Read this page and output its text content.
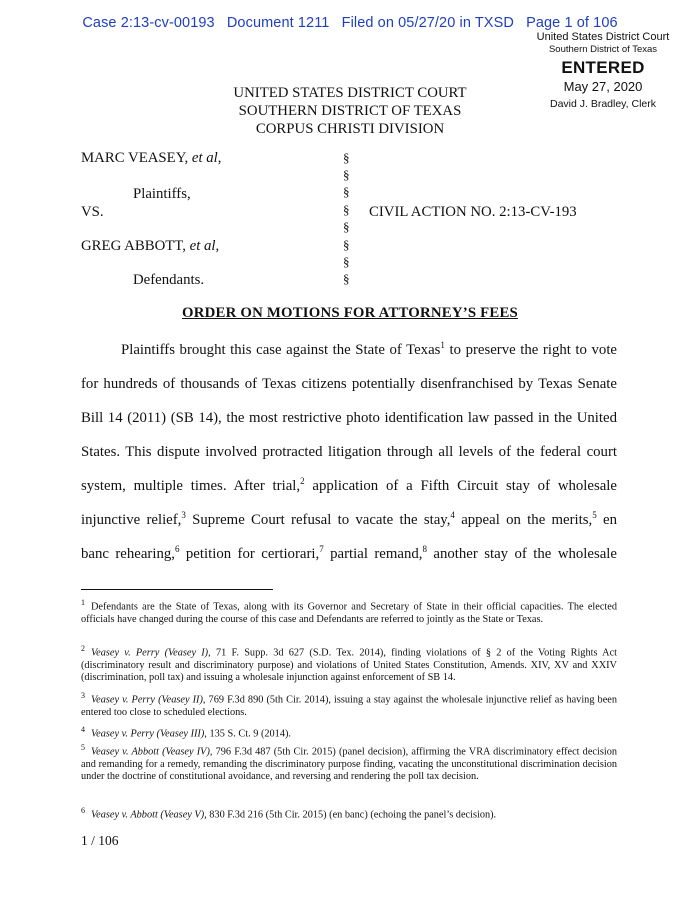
Case 2:13-cv-00193 Document 1211 Filed on 05/27/20 in TXSD Page 1 of 106
United States District Court
Southern District of Texas
ENTERED
May 27, 2020
David J. Bradley, Clerk
UNITED STATES DISTRICT COURT
SOUTHERN DISTRICT OF TEXAS
CORPUS CHRISTI DIVISION
MARC VEASEY, et al,
Plaintiffs,
VS.	CIVIL ACTION NO. 2:13-CV-193
GREG ABBOTT, et al,
Defendants.
§
§
§
§
§
§
§
§
ORDER ON MOTIONS FOR ATTORNEY’S FEES
Plaintiffs brought this case against the State of Texas$^1$ to preserve the right to vote
for hundreds of thousands of Texas citizens potentially disenfranchised by Texas Senate
Bill 14 (2011) (SB 14), the most restrictive photo identification law passed in the United
States. This dispute involved protracted litigation through all levels of the federal court
system, multiple times. After trial,$^2$ application of a Fifth Circuit stay of wholesale
injunctive relief,$^3$ Supreme Court refusal to vacate the stay,$^4$ appeal on the merits,$^5$ en
banc rehearing,$^6$ petition for certiorari,$^7$ partial remand,$^8$ another stay of the wholesale
$^1$ Defendants are the State of Texas, along with its Governor and Secretary of State in their official capacities. The elected officials have changed during the course of this case and Defendants are referred to jointly as the State or Texas.
$^2$ Veasey v. Perry (Veasey I), 71 F. Supp. 3d 627 (S.D. Tex. 2014), finding violations of § 2 of the Voting Rights Act (discriminatory result and discriminatory purpose) and violations of United States Constitution, Amends. XIV, XV and XXIV (discrimination, poll tax) and issuing a wholesale injunction against enforcement of SB 14.
$^3$ Veasey v. Perry (Veasey II), 769 F.3d 890 (5th Cir. 2014), issuing a stay against the wholesale injunctive relief as having been entered too close to scheduled elections.
$^4$ Veasey v. Perry (Veasey III), 135 S. Ct. 9 (2014).
$^5$ Veasey v. Abbott (Veasey IV), 796 F.3d 487 (5th Cir. 2015) (panel decision), affirming the VRA discriminatory effect decision and remanding for a remedy, remanding the discriminatory purpose finding, vacating the unconstitutional discrimination decision under the doctrine of constitutional avoidance, and reversing and rendering the poll tax decision.
$^6$ Veasey v. Abbott (Veasey V), 830 F.3d 216 (5th Cir. 2015) (en banc) (echoing the panel’s decision).
1 / 106
